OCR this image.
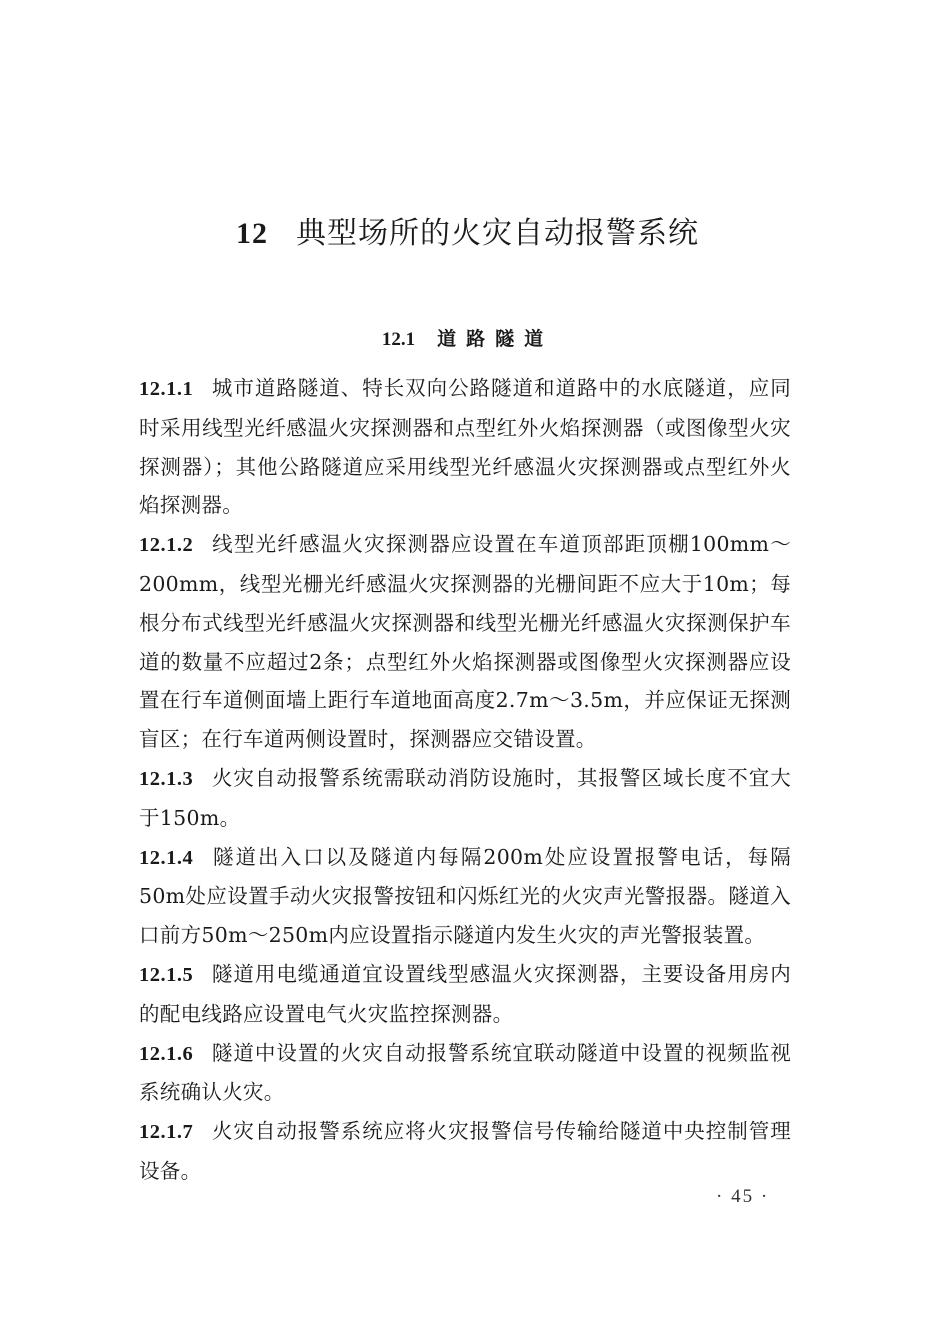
12 典型场所的火灾自动报警系统
12.1 道路隧道

12.1.1 城市道路隧道、特长双向公路隧道和道路中的水底隧道，应同时采用线型光纤感温火灾探测器和点型红外火焰探测器（或图像型火灾探测器）；其他公路隧道应采用线型光纤感温火灾探测器或点型红外火焰探测器。

12.1.2 线型光纤感温火灾探测器应设置在车道顶部距顶棚100mm～200mm，线型光栅光纤感温火灾探测器的光栅间距不应大于10m；每根分布式线型光纤感温火灾探测器和线型光栅光纤感温火灾探测保护车道的数量不应超过2条；点型红外火焰探测器或图像型火灾探测器应设置在行车道侧面墙上距行车道地面高度2.7m～3.5m，并应保证无探测盲区；在行车道两侧设置时，探测器应交错设置。

12.1.3 火灾自动报警系统需联动消防设施时，其报警区域长度不宜大于150m。

12.1.4 隧道出入口以及隧道内每隔200m处应设置报警电话，每隔50m处应设置手动火灾报警按钮和闪烁红光的火灾声光警报器。隧道入口前方50m～250m内应设置指示隧道内发生火灾的声光警报装置。

12.1.5 隧道用电缆通道宜设置线型感温火灾探测器，主要设备用房内的配电线路应设置电气火灾监控探测器。

12.1.6 隧道中设置的火灾自动报警系统宜联动隧道中设置的视频监视系统确认火灾。

12.1.7 火灾自动报警系统应将火灾报警信号传输给隧道中央控制管理设备。

· 45 ·
